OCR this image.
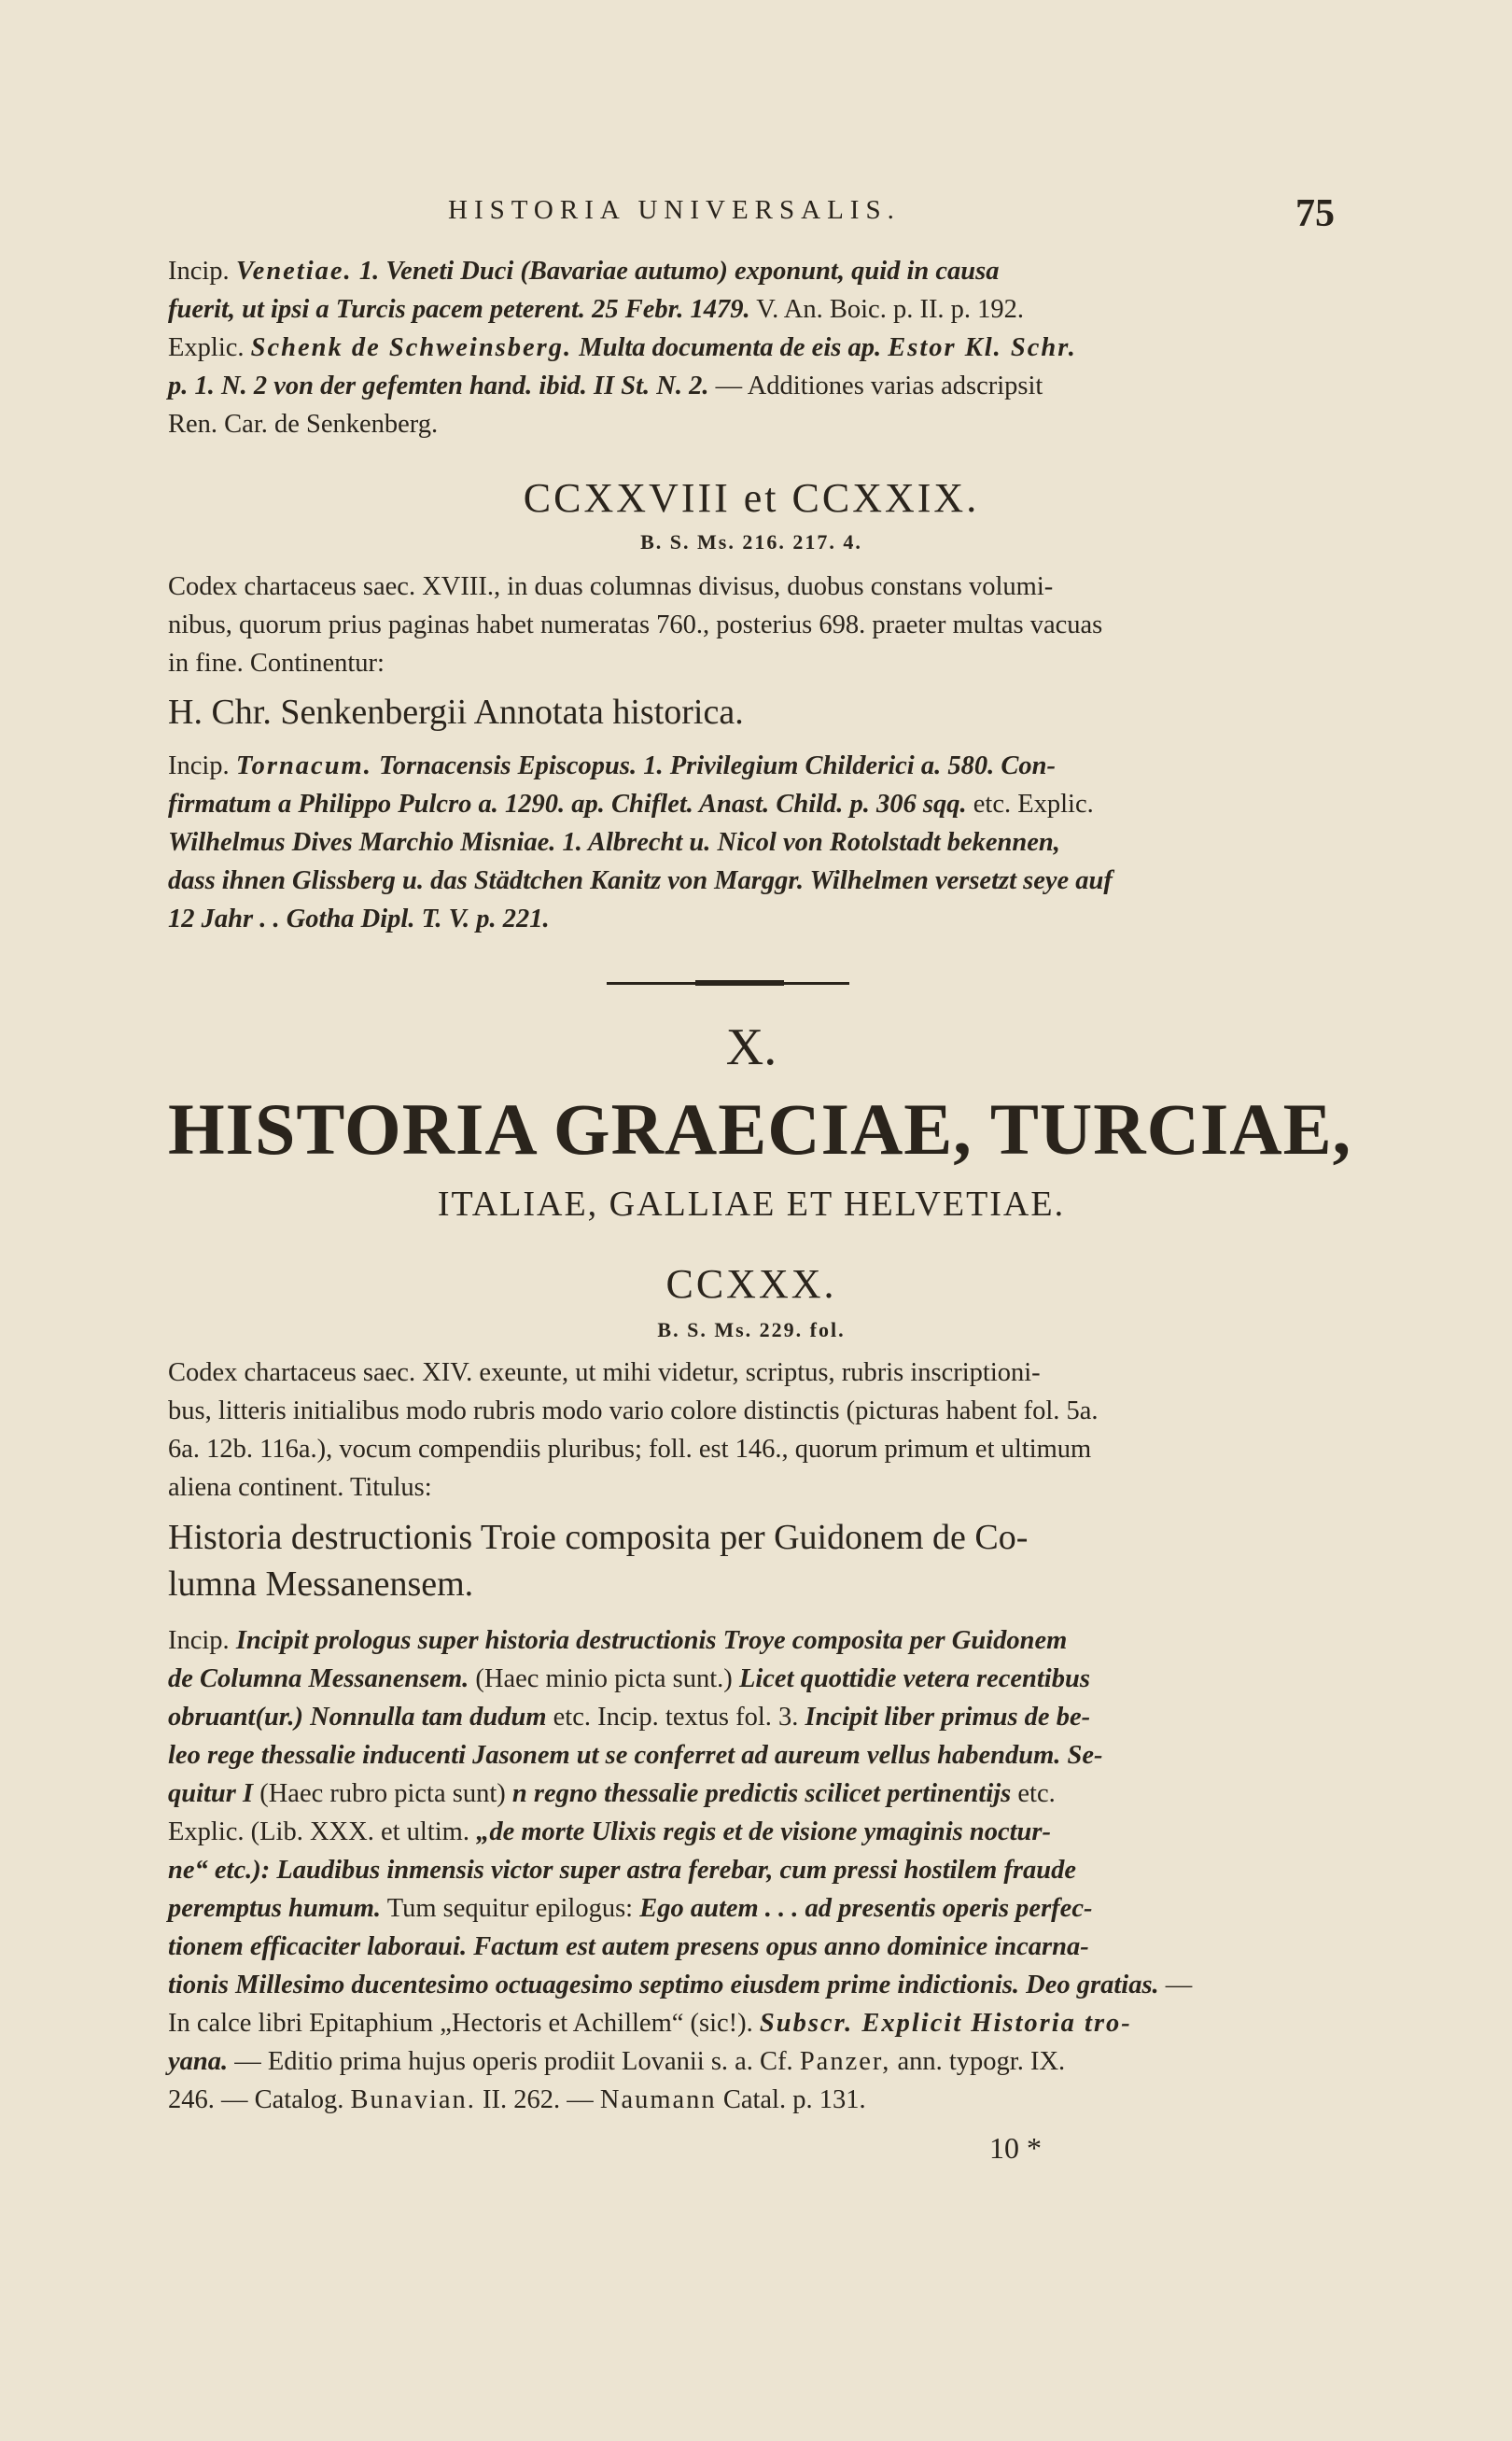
HISTORIA UNIVERSALIS.	75

Incip. Venetiae. 1. Veneti Duci (Bavariae autumo) exponunt, quid in causa

fuerit, ut ipsi a Turcis pacem peterent. 25 Febr. 1479. V. An. Boic. p. II. p. 192.

Explic. Schenk de Schweinsberg. Multa documenta de eis ap. Estor Kl. Schr.

p. 1. N. 2 von der gefemten hand. ibid. II St. N. 2. — Additiones varias adscripsit

Ren. Car. de Senkenberg.

CCXXVIII et CCXXIX.

B. S. Ms. 216. 217. 4.

Codex chartaceus saec. XVIII., in duas columnas divisus, duobus constans volumi-

nibus, quorum prius paginas habet numeratas 760., posterius 698. praeter multas vacuas

in fine. Continentur:

H. Chr. Senkenbergii Annotata historica.

Incip. Tornacum. Tornacensis Episcopus. 1. Privilegium Childerici a. 580. Con-

firmatum a Philippo Pulcro a. 1290. ap. Chiflet. Anast. Child. p. 306 sqq. etc. Explic.

Wilhelmus Dives Marchio Misniae. 1. Albrecht u. Nicol von Rotolstadt bekennen,

dass ihnen Glissberg u. das Städtchen Kanitz von Marggr. Wilhelmen versetzt seye auf

12 Jahr . . Gotha Dipl. T. V. p. 221.

X.

HISTORIA GRAECIAE, TURCIAE,

ITALIAE, GALLIAE ET HELVETIAE.

CCXXX.

B. S. Ms. 229. fol.

Codex chartaceus saec. XIV. exeunte, ut mihi videtur, scriptus, rubris inscriptioni-

bus, litteris initialibus modo rubris modo vario colore distinctis (picturas habent fol. 5a.

6a. 12b. 116a.), vocum compendiis pluribus; foll. est 146., quorum primum et ultimum

aliena continent. Titulus:

Historia destructionis Troie composita per Guidonem de Co-

lumna Messanensem.

Incip. Incipit prologus super historia destructionis Troye composita per Guidonem

de Columna Messanensem. (Haec minio picta sunt.) Licet quottidie vetera recentibus

obruant(ur.) Nonnulla tam dudum etc. Incip. textus fol. 3. Incipit liber primus de be-

leo rege thessalie inducenti Jasonem ut se conferret ad aureum vellus habendum. Se-

quitur I (Haec rubro picta sunt) n regno thessalie predictis scilicet pertinentijs etc.

Explic. (Lib. XXX. et ultim. „de morte Ulixis regis et de visione ymaginis noctur-

ne“ etc.): Laudibus inmensis victor super astra ferebar, cum pressi hostilem fraude

peremptus humum. Tum sequitur epilogus: Ego autem . . . ad presentis operis perfec-

tionem efficaciter laboraui. Factum est autem presens opus anno dominice incarna-

tionis Millesimo ducentesimo octuagesimo septimo eiusdem prime indictionis. Deo gratias. —

In calce libri Epitaphium „Hectoris et Achillem“ (sic!). Subscr. Explicit Historia tro-

yana. — Editio prima hujus operis prodiit Lovanii s. a. Cf. Panzer, ann. typogr. IX.

246. — Catalog. Bunavian. II. 262. — Naumann Catal. p. 131.

10 *
